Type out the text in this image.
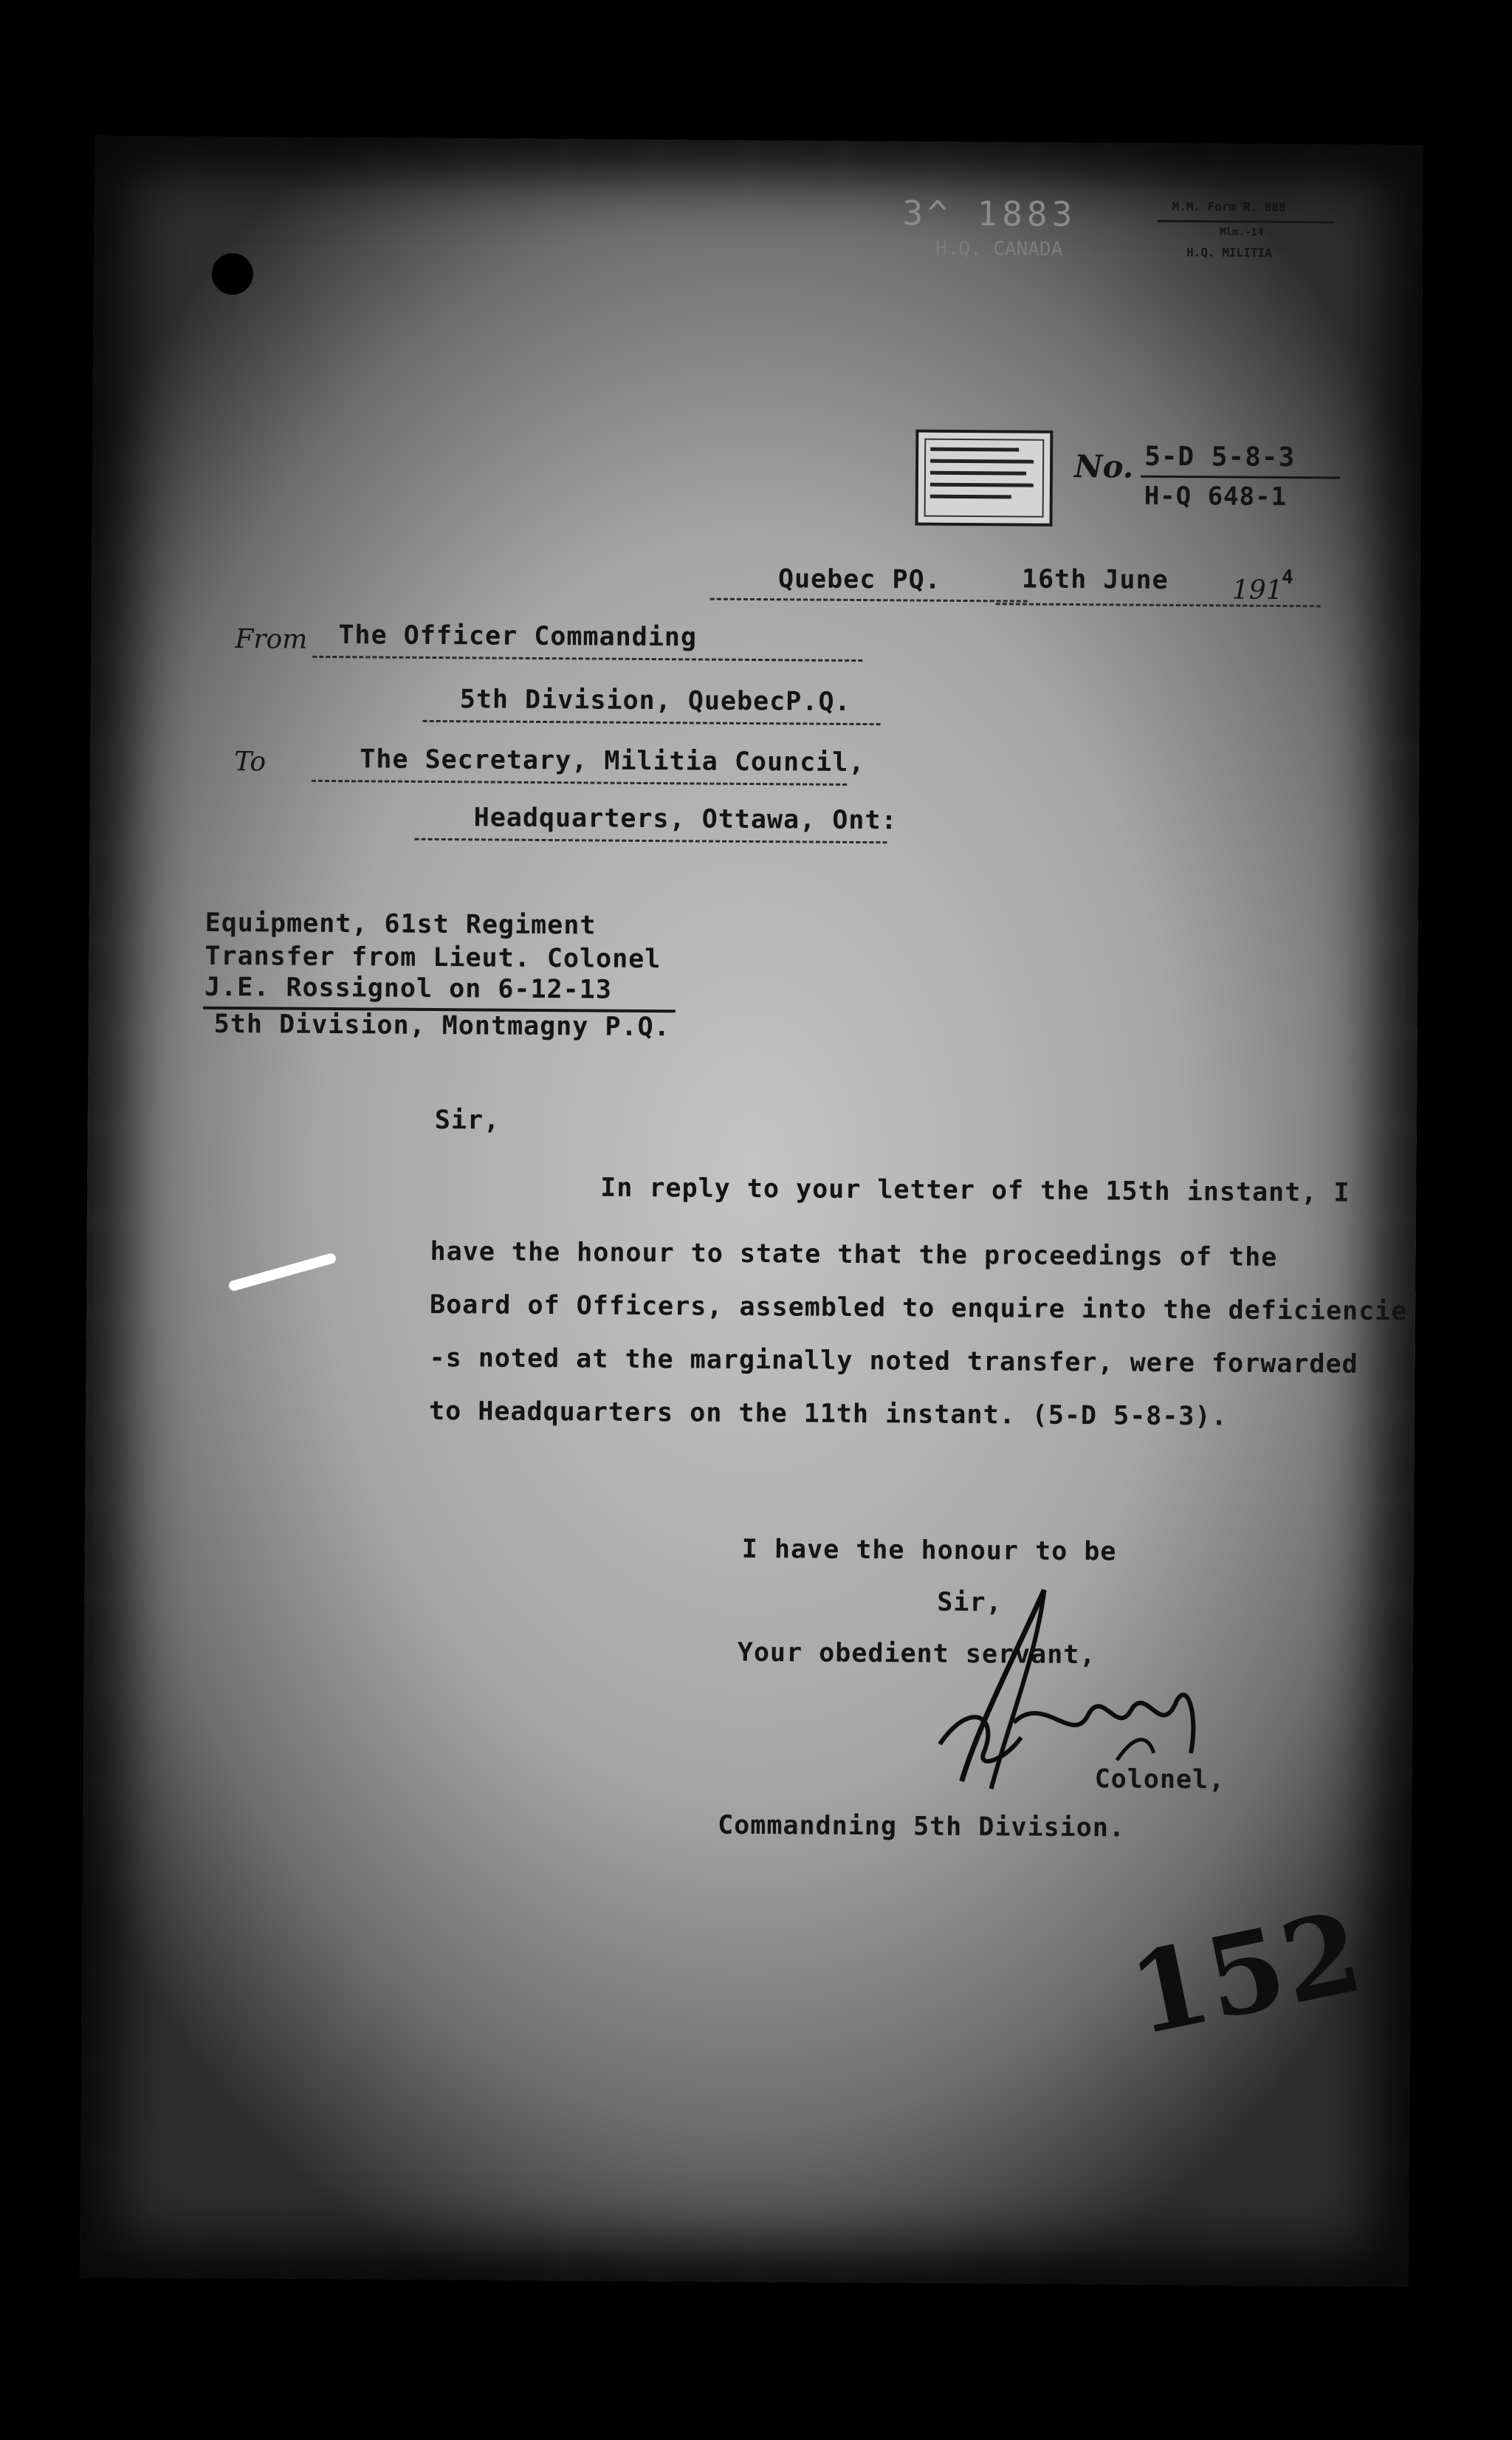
3^ 1883
H.Q. CANADA
M.M. Form R. 888
Mlm.-14
H.Q. MILITIA
No. 5-D 5-8-3
H-Q 648-1
Quebec PQ.	16th June 191
4
From The Officer Commanding
5th Division, QuebecP.Q.
To	The Secretary, Militia Council,
Headquarters, Ottawa, Ont:
Equipment, 61st Regiment
Transfer from Lieut. Colonel
J.E. Rossignol on 6-12-13
5th Division, Montmagny P.Q.
Sir,
In reply to your letter of the 15th instant, I
have the honour to state that the proceedings of the
Board of Officers, assembled to enquire into the deficiencie
-s noted at the marginally noted transfer, were forwarded
to Headquarters on the 11th instant. (5-D 5-8-3).
I have the honour to be
Sir,
Your obedient servant,
Colonel,
Commandning 5th Division.
152
